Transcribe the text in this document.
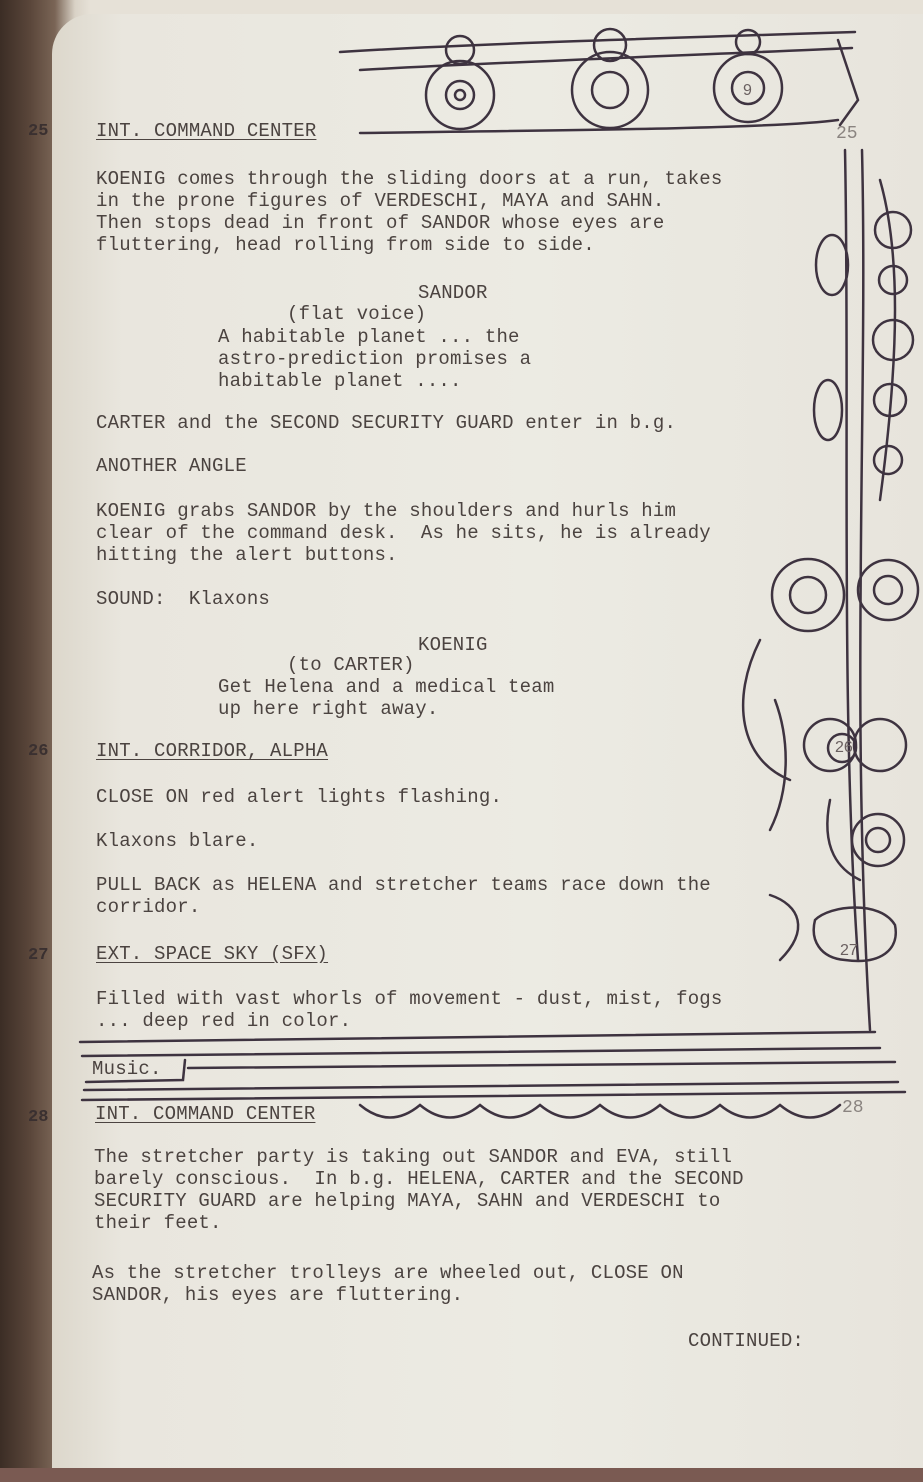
9
26
27
25	25
INT. COMMAND CENTER
KOENIG comes through the sliding doors at a run, takes
in the prone figures of VERDESCHI, MAYA and SAHN.
Then stops dead in front of SANDOR whose eyes are
fluttering, head rolling from side to side.
SANDOR
(flat voice)
A habitable planet ... the
astro-prediction promises a
habitable planet ....
CARTER and the SECOND SECURITY GUARD enter in b.g.
ANOTHER ANGLE
KOENIG grabs SANDOR by the shoulders and hurls him
clear of the command desk.  As he sits, he is already
hitting the alert buttons.
SOUND:  Klaxons
KOENIG
(to CARTER)
Get Helena and a medical team
up here right away.
26	INT. CORRIDOR, ALPHA
CLOSE ON red alert lights flashing.
Klaxons blare.
PULL BACK as HELENA and stretcher teams race down the
corridor.
27	EXT. SPACE SKY (SFX)
Filled with vast whorls of movement - dust, mist, fogs
... deep red in color.
Music.
28	28
INT. COMMAND CENTER
The stretcher party is taking out SANDOR and EVA, still
barely conscious.  In b.g. HELENA, CARTER and the SECOND
SECURITY GUARD are helping MAYA, SAHN and VERDESCHI to
their feet.
As the stretcher trolleys are wheeled out, CLOSE ON
SANDOR, his eyes are fluttering.
CONTINUED:
